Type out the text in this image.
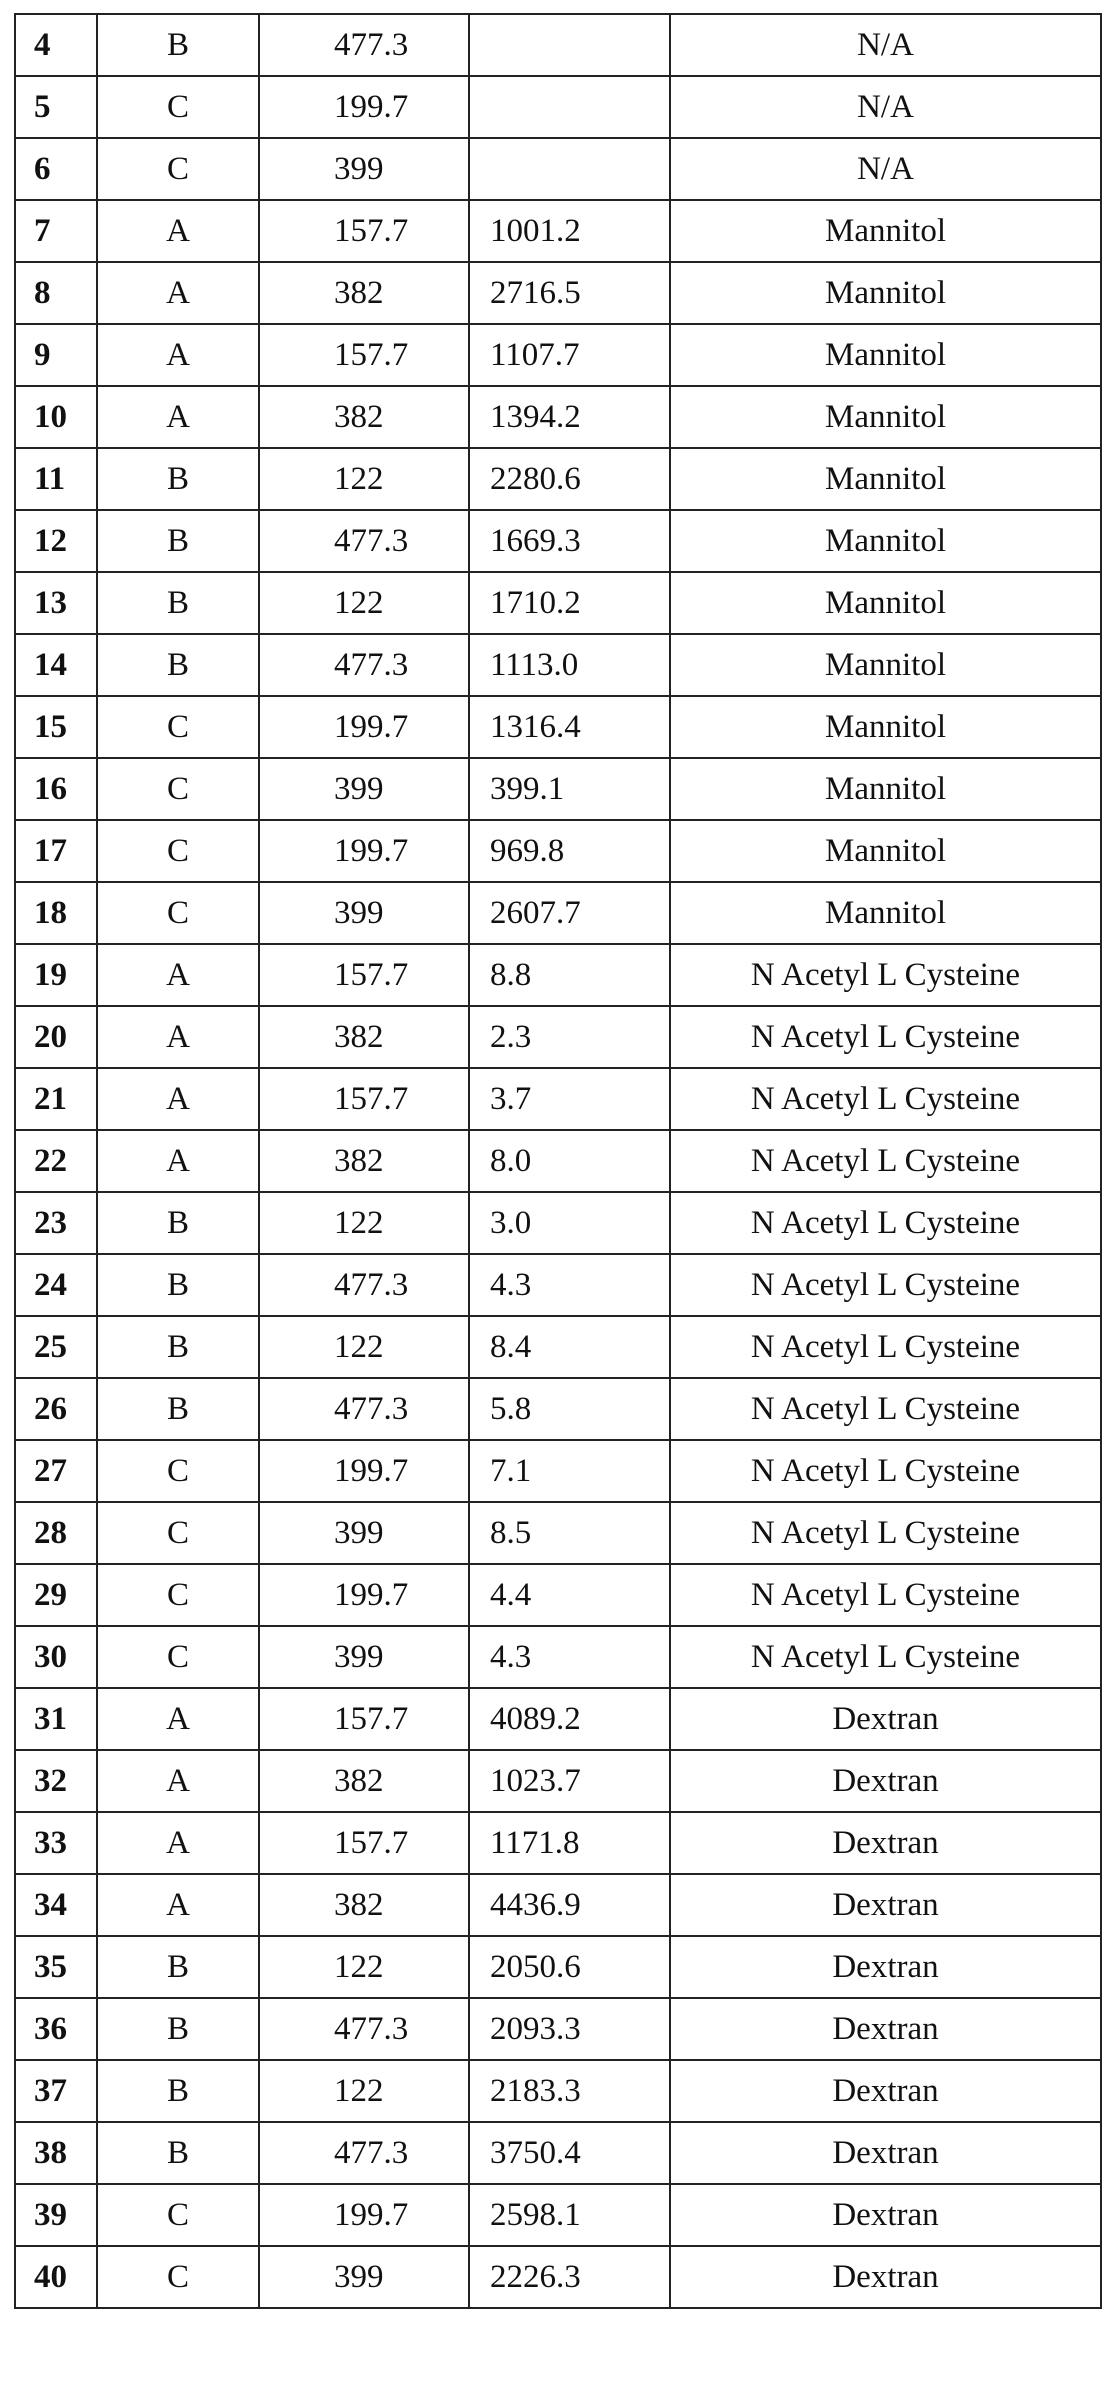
4	B	477.3		N/A
5	C	199.7		N/A
6	C	399		N/A
7	A	157.7	1001.2	Mannitol
8	A	382	2716.5	Mannitol
9	A	157.7	1107.7	Mannitol
10	A	382	1394.2	Mannitol
11	B	122	2280.6	Mannitol
12	B	477.3	1669.3	Mannitol
13	B	122	1710.2	Mannitol
14	B	477.3	1113.0	Mannitol
15	C	199.7	1316.4	Mannitol
16	C	399	399.1	Mannitol
17	C	199.7	969.8	Mannitol
18	C	399	2607.7	Mannitol
19	A	157.7	8.8	N Acetyl L Cysteine
20	A	382	2.3	N Acetyl L Cysteine
21	A	157.7	3.7	N Acetyl L Cysteine
22	A	382	8.0	N Acetyl L Cysteine
23	B	122	3.0	N Acetyl L Cysteine
24	B	477.3	4.3	N Acetyl L Cysteine
25	B	122	8.4	N Acetyl L Cysteine
26	B	477.3	5.8	N Acetyl L Cysteine
27	C	199.7	7.1	N Acetyl L Cysteine
28	C	399	8.5	N Acetyl L Cysteine
29	C	199.7	4.4	N Acetyl L Cysteine
30	C	399	4.3	N Acetyl L Cysteine
31	A	157.7	4089.2	Dextran
32	A	382	1023.7	Dextran
33	A	157.7	1171.8	Dextran
34	A	382	4436.9	Dextran
35	B	122	2050.6	Dextran
36	B	477.3	2093.3	Dextran
37	B	122	2183.3	Dextran
38	B	477.3	3750.4	Dextran
39	C	199.7	2598.1	Dextran
40	C	399	2226.3	Dextran
